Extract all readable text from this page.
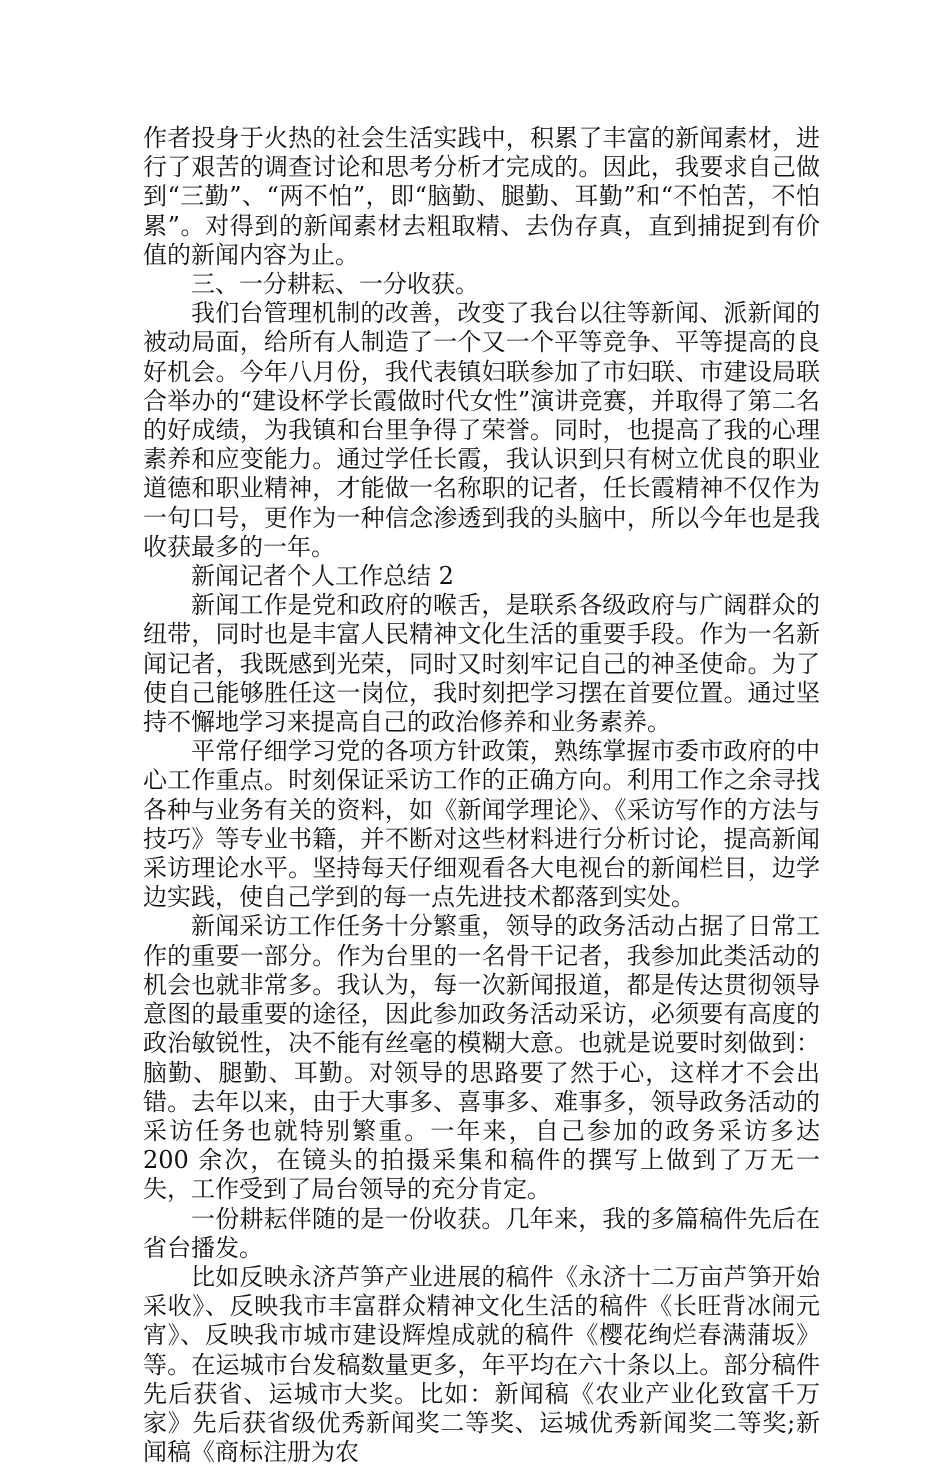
作者投身于火热的社会生活实践中，积累了丰富的新闻素材，进行了艰苦的调查讨论和思考分析才完成的。因此，我要求自己做到“三勤”、“两不怕”，即“脑勤、腿勤、耳勤”和“不怕苦，不怕累”。对得到的新闻素材去粗取精、去伪存真，直到捕捉到有价值的新闻内容为止。

三、一分耕耘、一分收获。

我们台管理机制的改善，改变了我台以往等新闻、派新闻的被动局面，给所有人制造了一个又一个平等竞争、平等提高的良好机会。今年八月份，我代表镇妇联参加了市妇联、市建设局联合举办的“建设杯学长霞做时代女性”演讲竞赛，并取得了第二名的好成绩，为我镇和台里争得了荣誉。同时，也提高了我的心理素养和应变能力。通过学任长霞，我认识到只有树立优良的职业道德和职业精神，才能做一名称职的记者，任长霞精神不仅作为一句口号，更作为一种信念渗透到我的头脑中，所以今年也是我收获最多的一年。

新闻记者个人工作总结 2

新闻工作是党和政府的喉舌，是联系各级政府与广阔群众的纽带，同时也是丰富人民精神文化生活的重要手段。作为一名新闻记者，我既感到光荣，同时又时刻牢记自己的神圣使命。为了使自己能够胜任这一岗位，我时刻把学习摆在首要位置。通过坚持不懈地学习来提高自己的政治修养和业务素养。

平常仔细学习党的各项方针政策，熟练掌握市委市政府的中心工作重点。时刻保证采访工作的正确方向。利用工作之余寻找各种与业务有关的资料，如《新闻学理论》、《采访写作的方法与技巧》等专业书籍，并不断对这些材料进行分析讨论，提高新闻采访理论水平。坚持每天仔细观看各大电视台的新闻栏目，边学边实践，使自己学到的每一点先进技术都落到实处。

新闻采访工作任务十分繁重，领导的政务活动占据了日常工作的重要一部分。作为台里的一名骨干记者，我参加此类活动的机会也就非常多。我认为，每一次新闻报道，都是传达贯彻领导意图的最重要的途径，因此参加政务活动采访，必须要有高度的政治敏锐性，决不能有丝毫的模糊大意。也就是说要时刻做到：脑勤、腿勤、耳勤。对领导的思路要了然于心，这样才不会出错。去年以来，由于大事多、喜事多、难事多，领导政务活动的采访任务也就特别繁重。一年来，自己参加的政务采访多达 200 余次，在镜头的拍摄采集和稿件的撰写上做到了万无一失，工作受到了局台领导的充分肯定。

一份耕耘伴随的是一份收获。几年来，我的多篇稿件先后在省台播发。

比如反映永济芦笋产业进展的稿件《永济十二万亩芦笋开始采收》、反映我市丰富群众精神文化生活的稿件《长旺背冰闹元宵》、反映我市城市建设辉煌成就的稿件《樱花绚烂春满蒲坂》等。在运城市台发稿数量更多，年平均在六十条以上。部分稿件先后获省、运城市大奖。比如：新闻稿《农业产业化致富千万家》先后获省级优秀新闻奖二等奖、运城优秀新闻奖二等奖;新闻稿《商标注册为农
